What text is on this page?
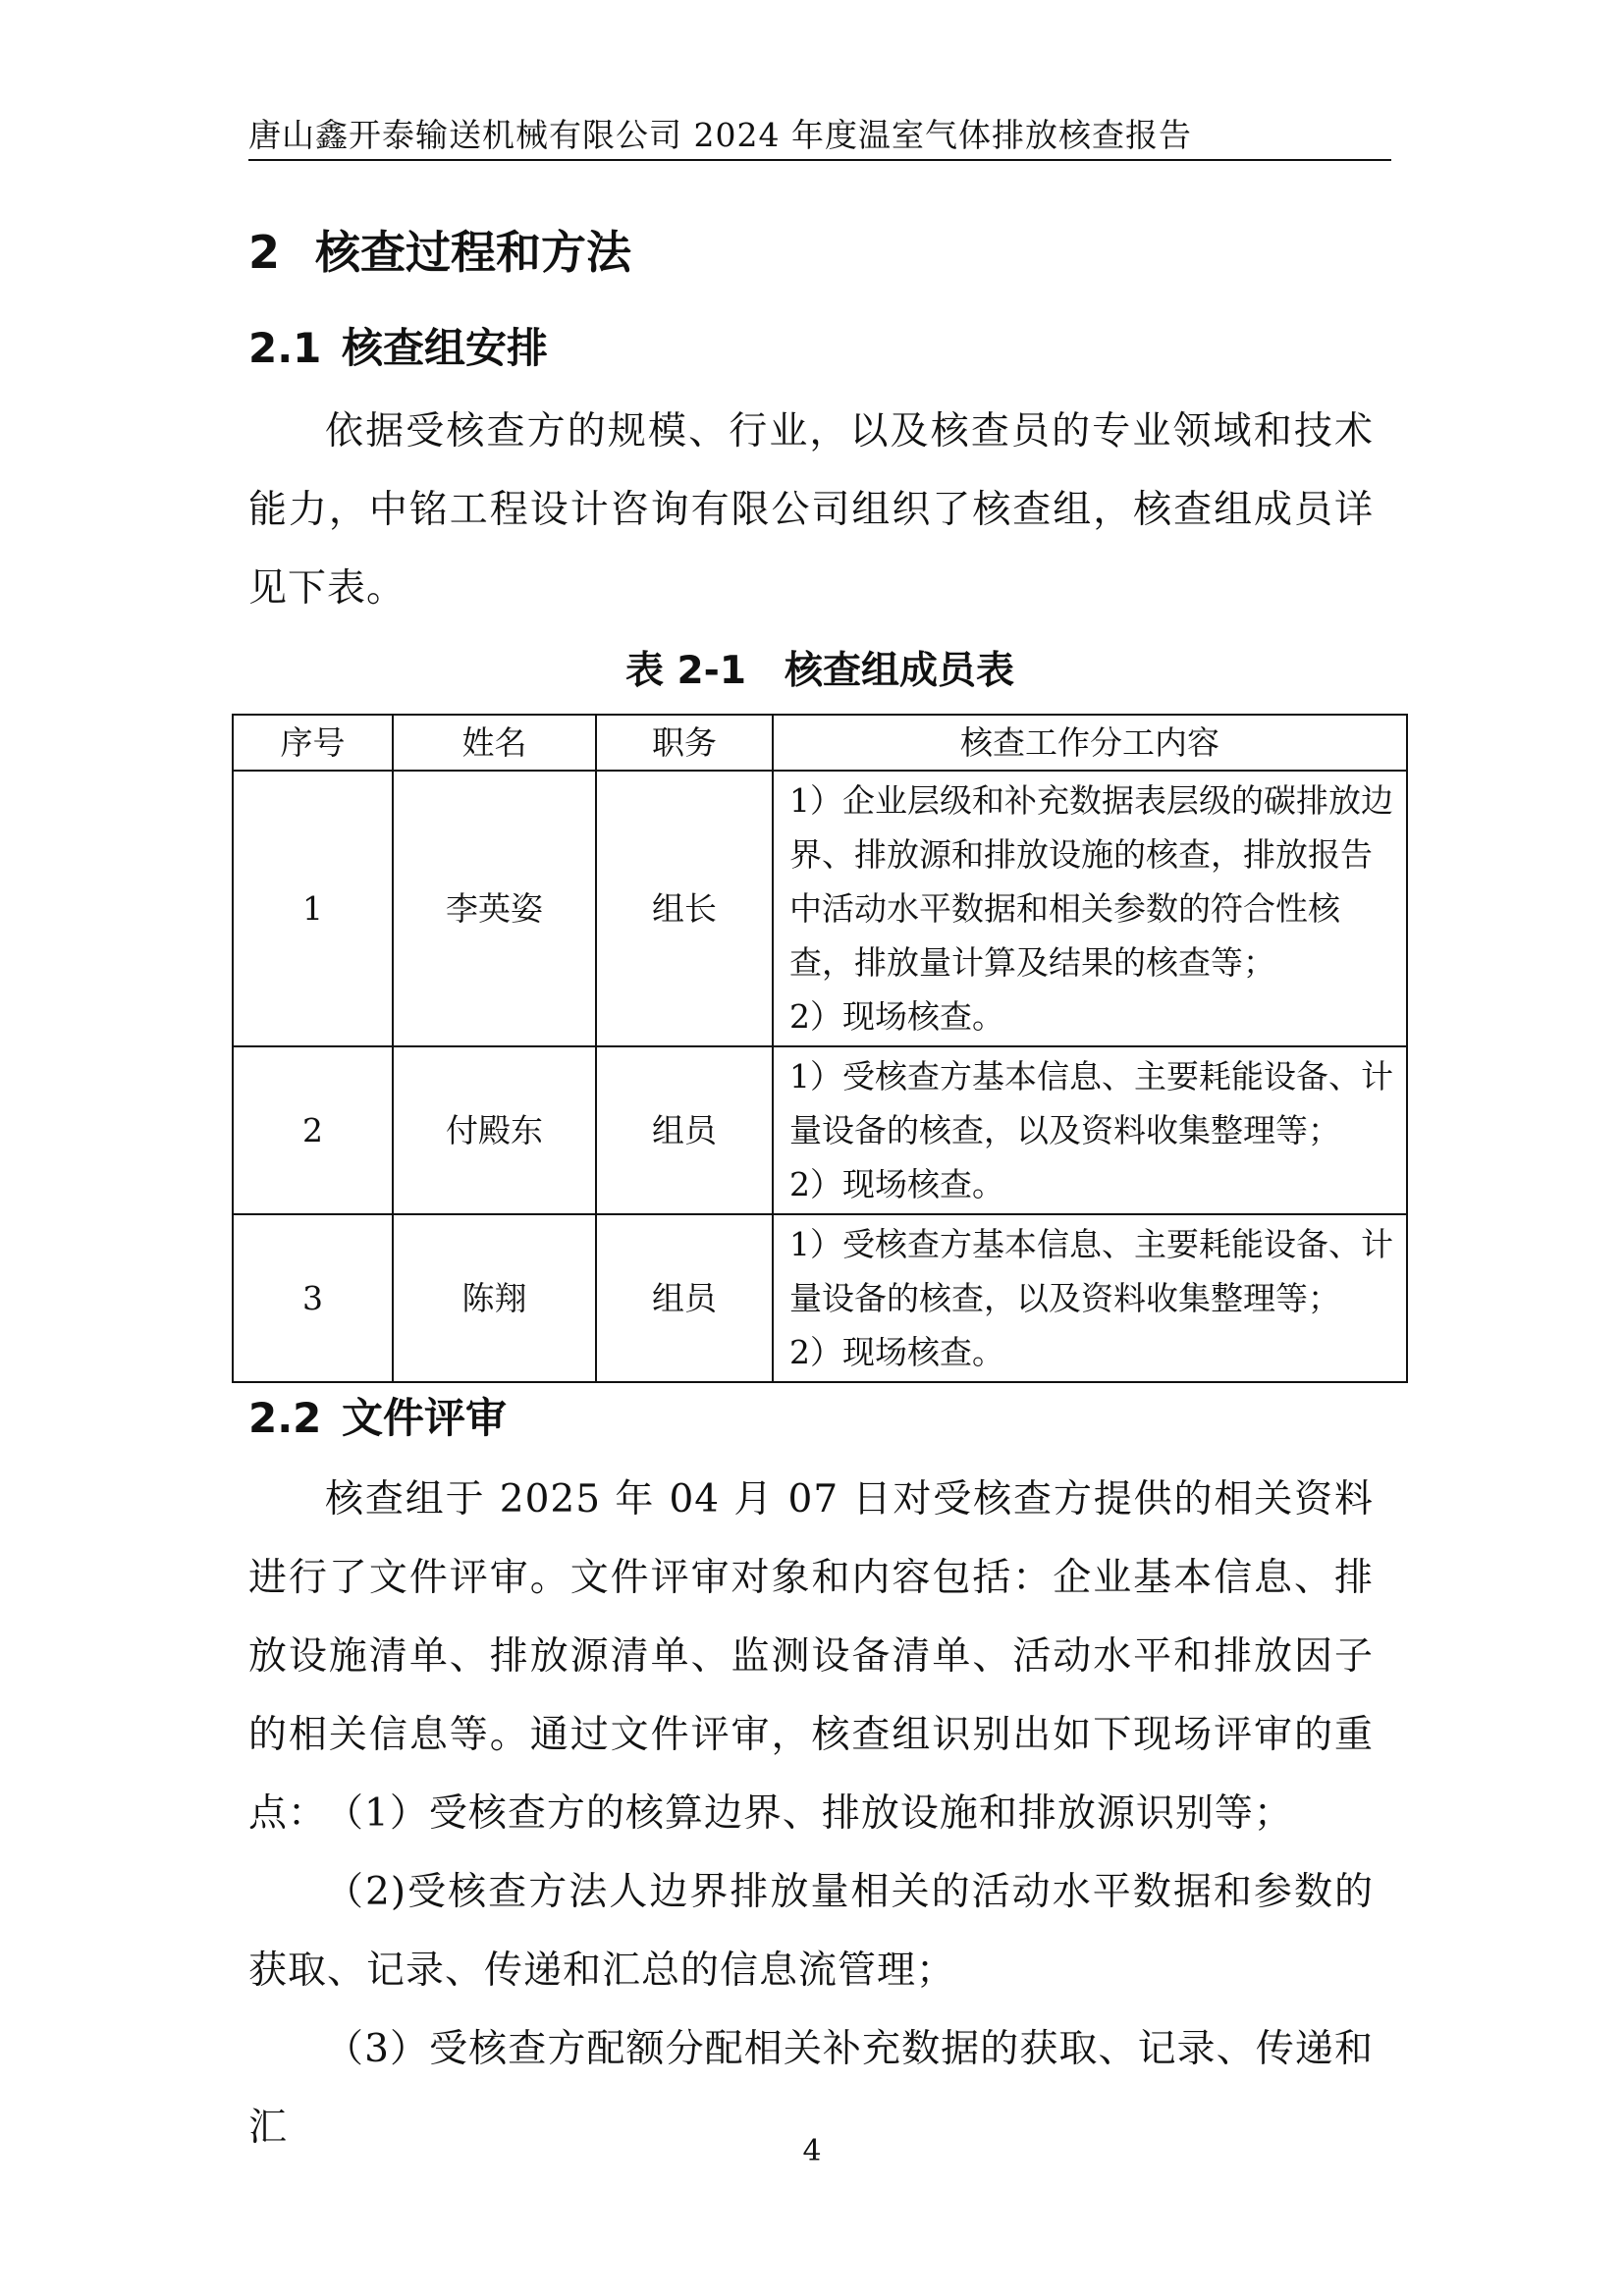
唐山鑫开泰输送机械有限公司 2024 年度温室气体排放核查报告
2 核查过程和方法
2.1 核查组安排

依据受核查方的规模、行业，以及核查员的专业领域和技术能力，中铭工程设计咨询有限公司组织了核查组，核查组成员详见下表。

表 2-1　核查组成员表
序号	姓名	职务	核查工作分工内容
1	李英姿	组长	1）企业层级和补充数据表层级的碳排放边界、排放源和排放设施的核查，排放报告中活动水平数据和相关参数的符合性核查，排放量计算及结果的核查等；
2）现场核查。

2	付殿东	组员	1）受核查方基本信息、主要耗能设备、计量设备的核查，以及资料收集整理等；
2）现场核查。

3	陈翔	组员	1）受核查方基本信息、主要耗能设备、计量设备的核查，以及资料收集整理等；
2）现场核查。
2.2 文件评审

核查组于 2025 年 04 月 07 日对受核查方提供的相关资料进行了文件评审。文件评审对象和内容包括：企业基本信息、排放设施清单、排放源清单、监测设备清单、活动水平和排放因子的相关信息等。通过文件评审，核查组识别出如下现场评审的重点：

（1）受核查方的核算边界、排放设施和排放源识别等；

（2)受核查方法人边界排放量相关的活动水平数据和参数的获取、记录、传递和汇总的信息流管理；

（3）受核查方配额分配相关补充数据的获取、记录、传递和汇

4
